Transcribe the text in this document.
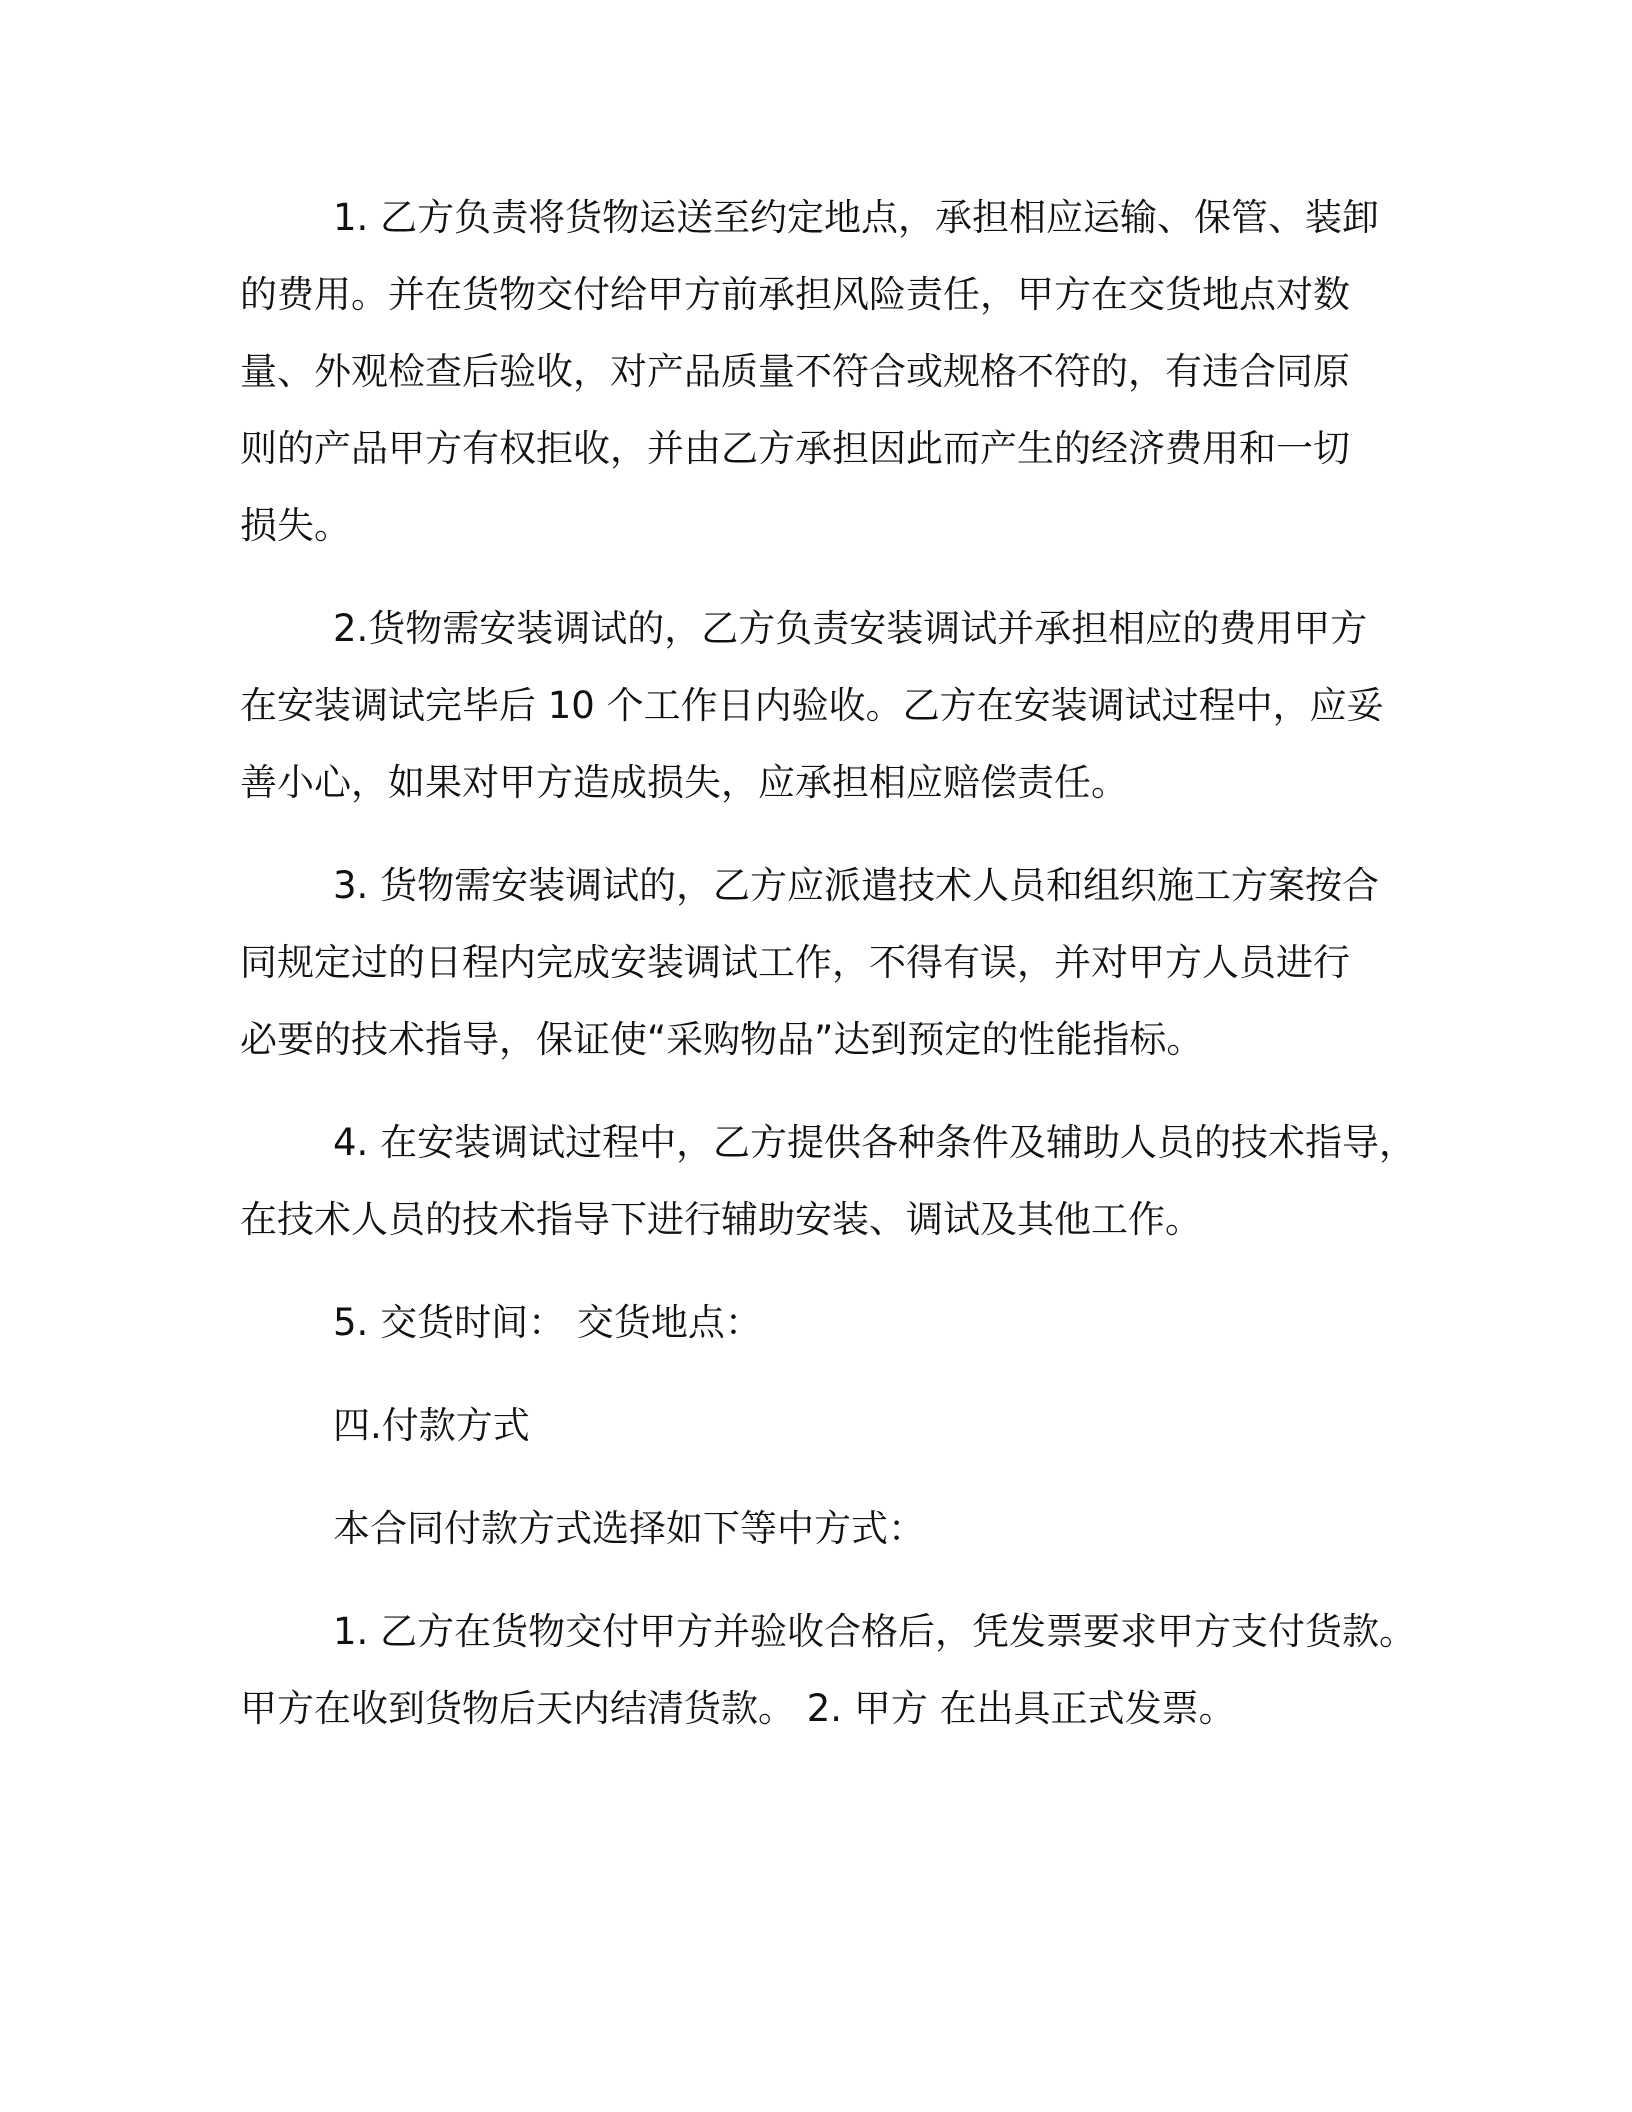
1. 乙方负责将货物运送至约定地点，承担相应运输、保管、装卸
的费用。并在货物交付给甲方前承担风险责任，甲方在交货地点对数
量、外观检查后验收，对产品质量不符合或规格不符的，有违合同原
则的产品甲方有权拒收，并由乙方承担因此而产生的经济费用和一切
损失。
2.货物需安装调试的，乙方负责安装调试并承担相应的费用甲方
在安装调试完毕后 10 个工作日内验收。乙方在安装调试过程中，应妥
善小心，如果对甲方造成损失，应承担相应赔偿责任。
3. 货物需安装调试的，乙方应派遣技术人员和组织施工方案按合
同规定过的日程内完成安装调试工作，不得有误，并对甲方人员进行
必要的技术指导，保证使“采购物品”达到预定的性能指标。
4. 在安装调试过程中，乙方提供各种条件及辅助人员的技术指导，
在技术人员的技术指导下进行辅助安装、调试及其他工作。
5. 交货时间： 交货地点：
四.付款方式
本合同付款方式选择如下等中方式：
1. 乙方在货物交付甲方并验收合格后，凭发票要求甲方支付货款。
甲方在收到货物后天内结清货款。 2. 甲方 在出具正式发票。
